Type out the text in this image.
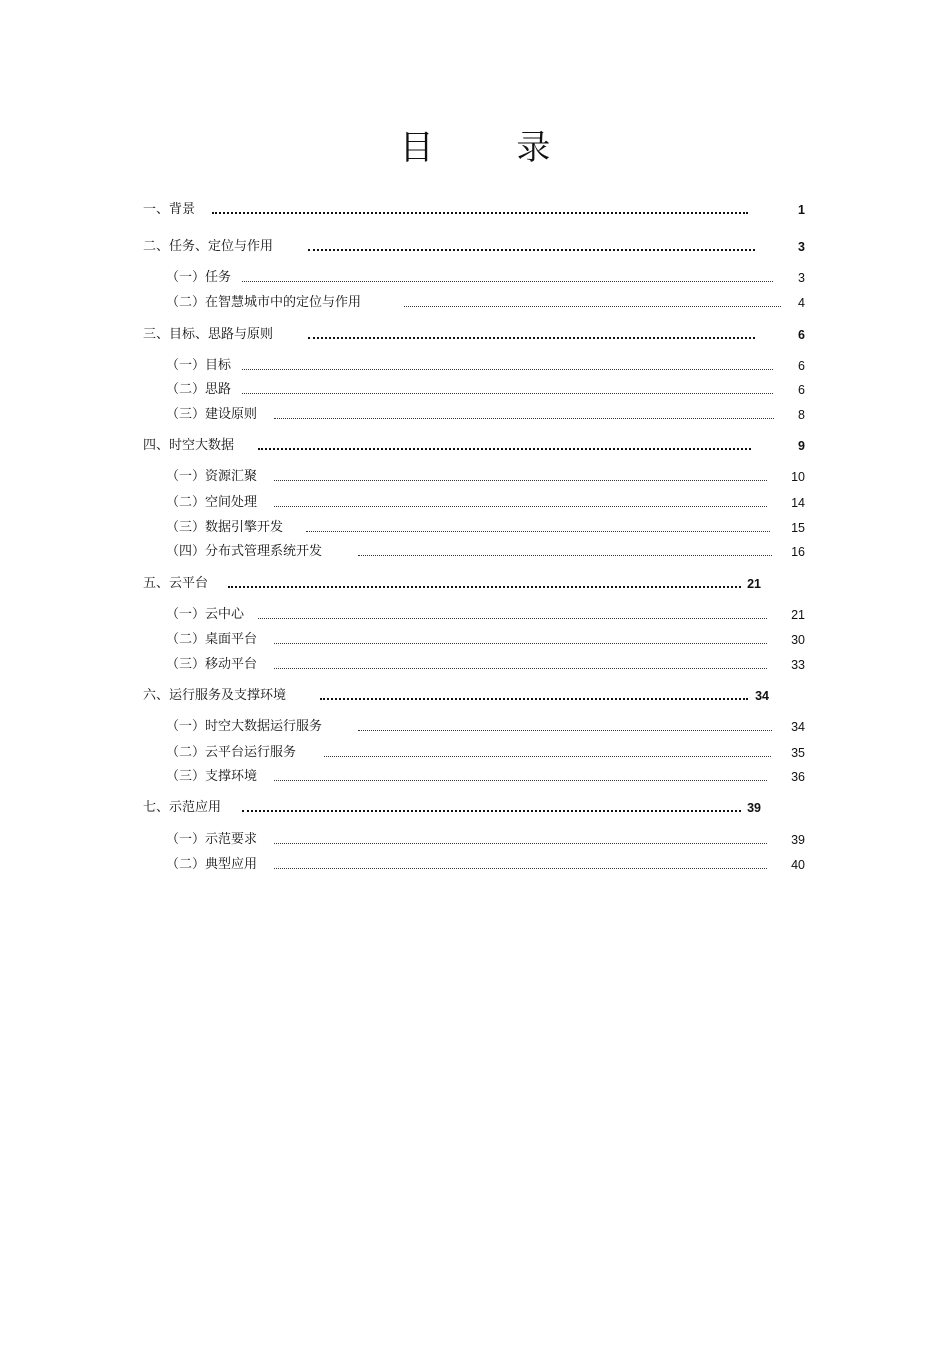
目 录
一、背景	1
二、任务、定位与作用	3
（一）任务	3
（二）在智慧城市中的定位与作用	4
三、目标、思路与原则	6
（一）目标	6
（二）思路	6
（三）建设原则	8
四、时空大数据	9
（一）资源汇聚	10
（二）空间处理	14
（三）数据引擎开发	15
（四）分布式管理系统开发	16
五、云平台	21
（一）云中心	21
（二）桌面平台	30
（三）移动平台	33
六、运行服务及支撑环境	34
（一）时空大数据运行服务	34
（二）云平台运行服务	35
（三）支撑环境	36
七、示范应用	39
（一）示范要求	39
（二）典型应用	40
